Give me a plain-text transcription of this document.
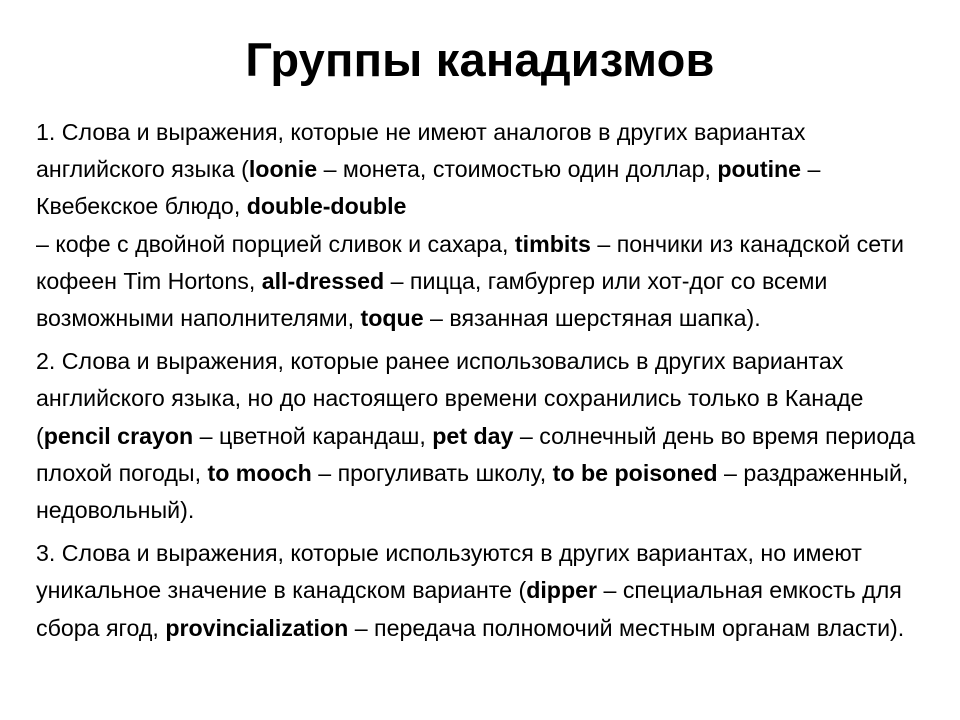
Группы канадизмов

1. Слова и выражения, которые не имеют аналогов в других вариантах английского языка (loonie – монета, стоимостью один доллар, poutine – Квебекское блюдо, double-double
– кофе с двойной порцией сливок и сахара, timbits – пончики из канадской сети кофеен Tim Hortons, all-dressed – пицца, гамбургер или хот-дог со всеми возможными наполнителями, toque – вязанная шерстяная шапка).

2. Слова и выражения, которые ранее использовались в других вариантах английского языка, но до настоящего времени сохранились только в Канаде (pencil crayon – цветной карандаш, pet day – солнечный день во время периода плохой погоды, to mooch – прогуливать школу, to be poisoned – раздраженный, недовольный).

3. Слова и выражения, которые используются в других вариантах, но имеют уникальное значение в канадском варианте (dipper – специальная емкость для сбора ягод, provincialization – передача полномочий местным органам власти).
